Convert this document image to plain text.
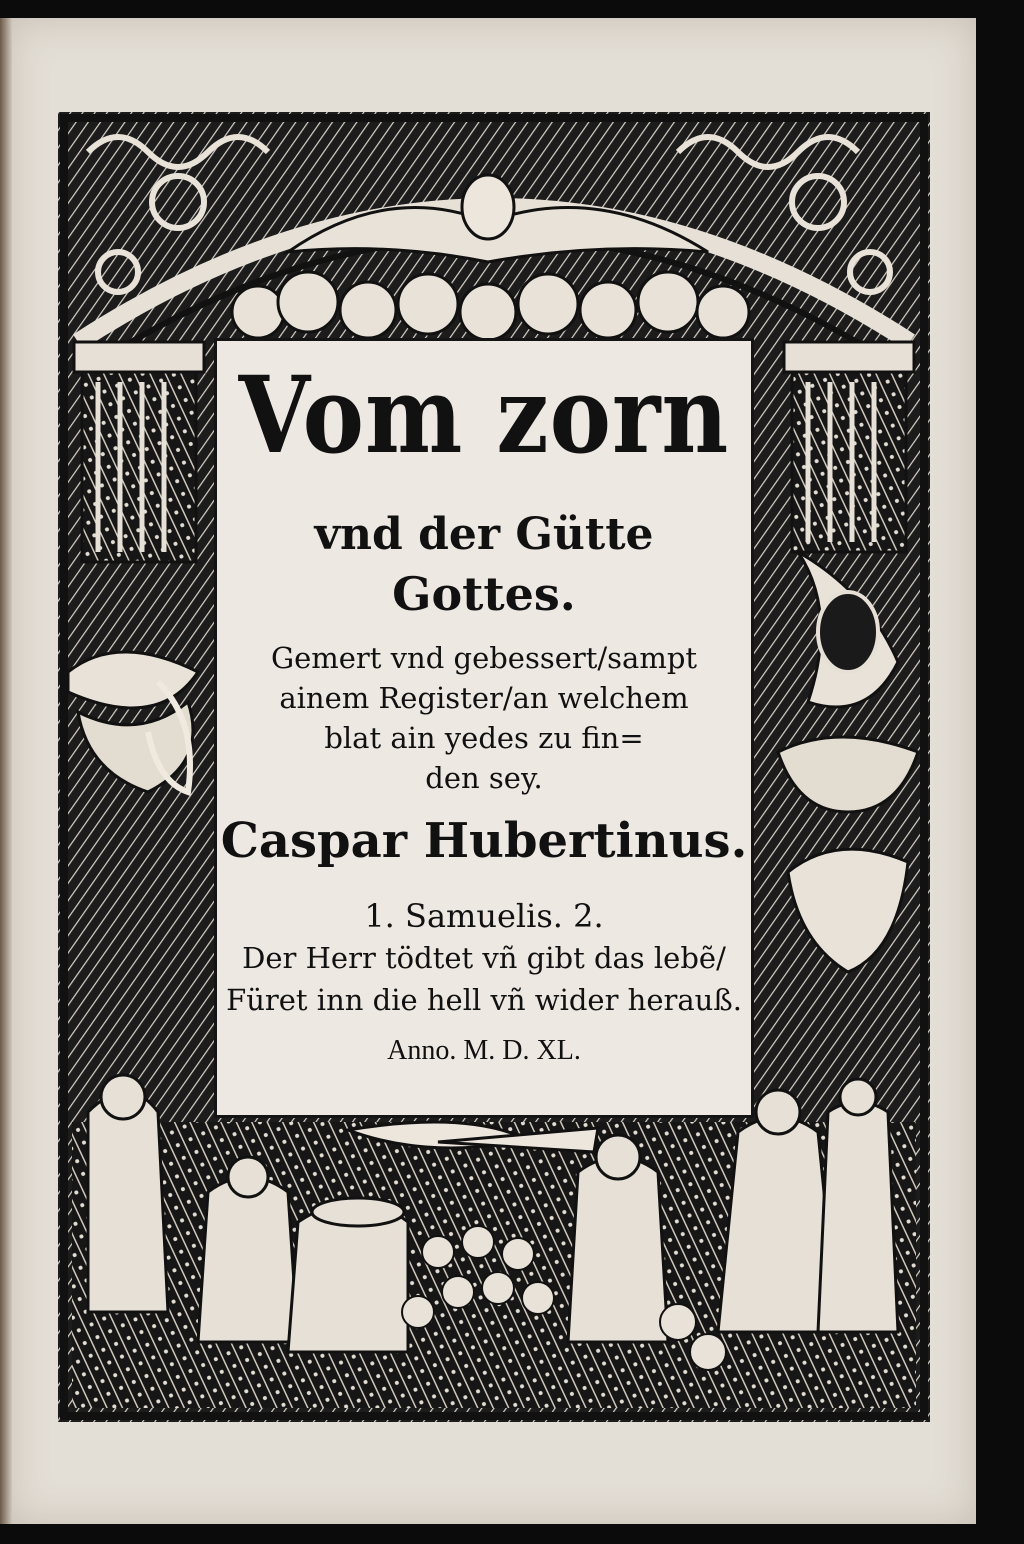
Vom zorn
vnd der Gütte
Gottes.
Gemert vnd gebessert/sampt
ainem Register/an welchem
blat ain yedes zu fin=
den sey.
Caspar Hubertinus.
1. Samuelis. 2.
Der Herr tödtet vñ gibt das lebẽ/
Füret inn die hell vñ wider herauß.
Anno. M. D. XL.
